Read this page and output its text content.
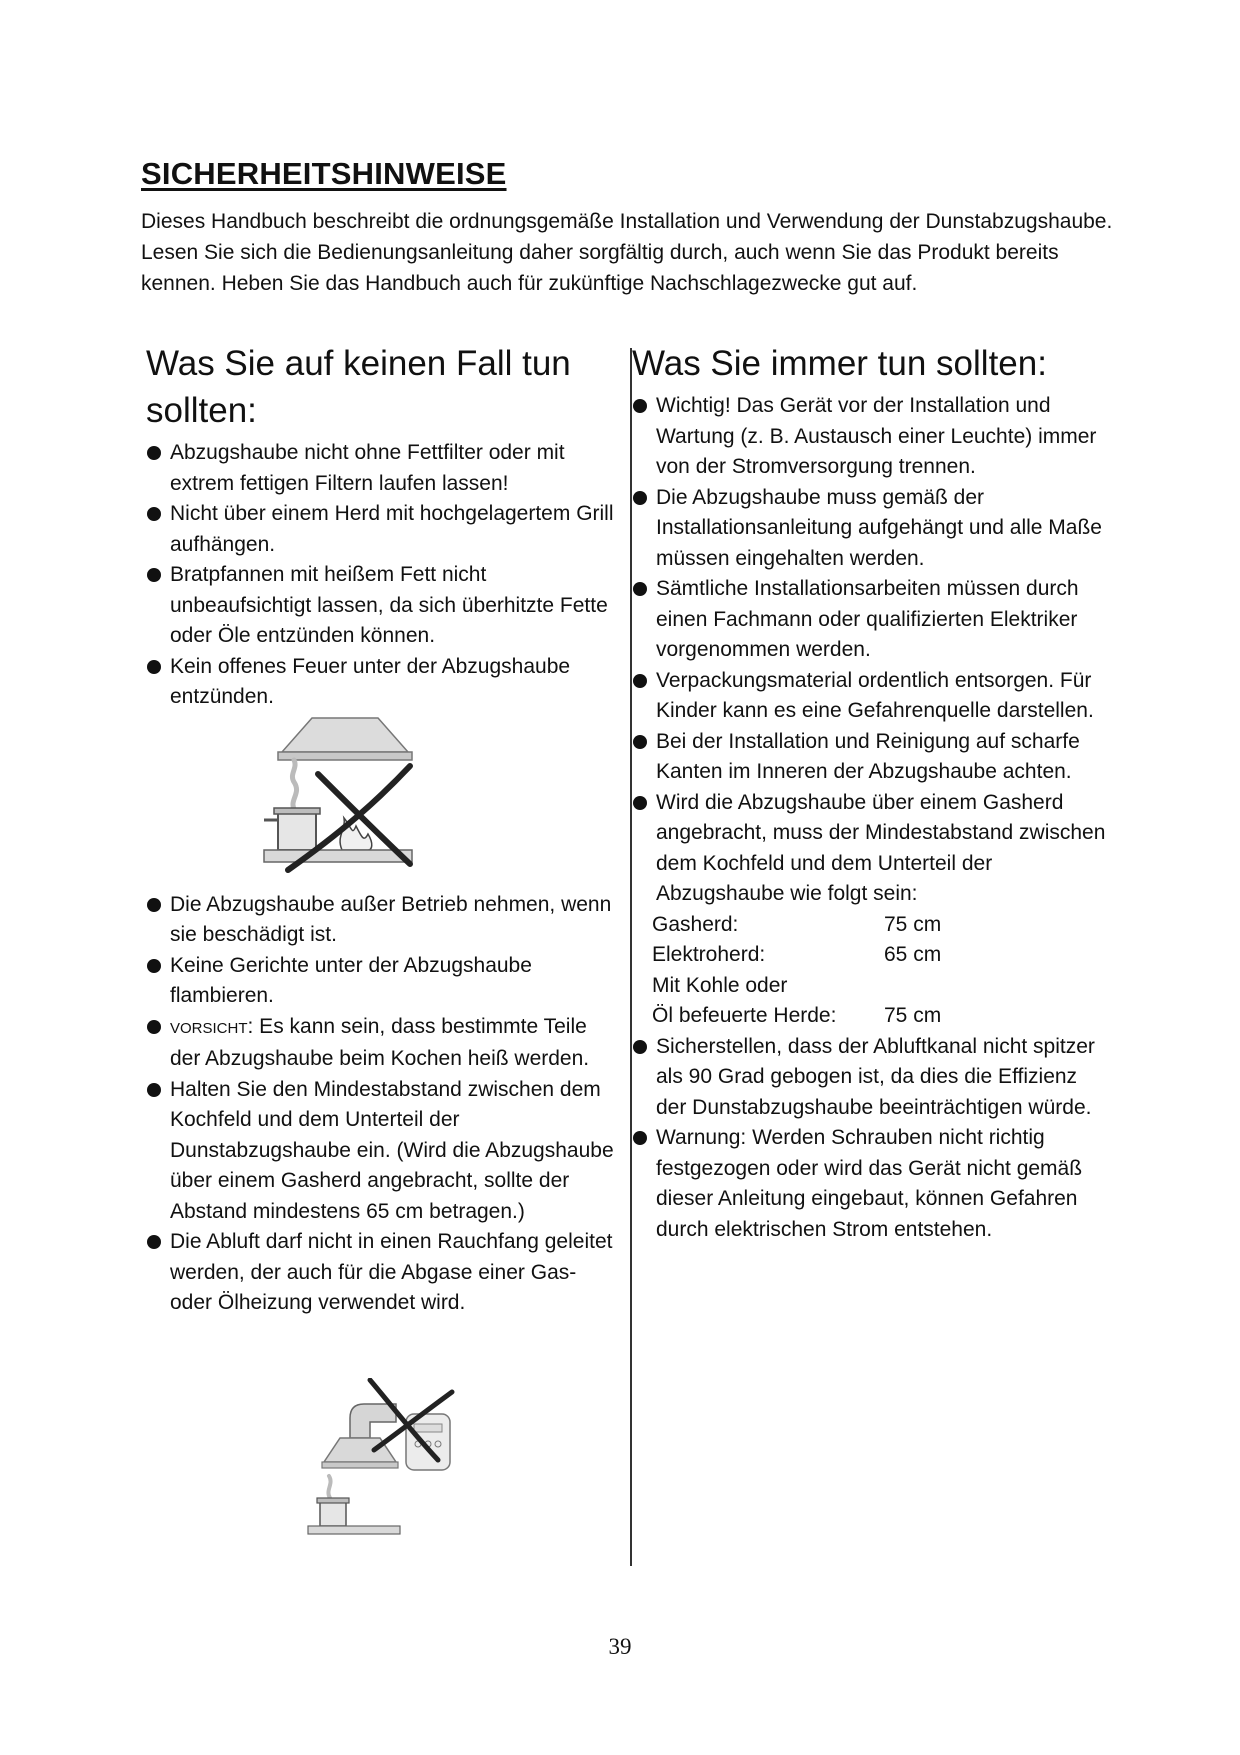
SICHERHEITSHINWEISE

Dieses Handbuch beschreibt die ordnungsgemäße Installation und Verwendung der Dunstabzugshaube. Lesen Sie sich die Bedienungsanleitung daher sorgfältig durch, auch wenn Sie das Produkt bereits kennen. Heben Sie das Handbuch auch für zukünftige Nachschlagezwecke gut auf.

Was Sie auf keinen Fall tun sollten:
Abzugshaube nicht ohne Fettfilter oder mit extrem fettigen Filtern laufen lassen!
Nicht über einem Herd mit hochgelagertem Grill aufhängen.
Bratpfannen mit heißem Fett nicht unbeaufsichtigt lassen, da sich überhitzte Fette oder Öle entzünden können.
Kein offenes Feuer unter der Abzugshaube entzünden.
Die Abzugshaube außer Betrieb nehmen, wenn sie beschädigt ist.
Keine Gerichte unter der Abzugshaube flambieren.
VORSICHT: Es kann sein, dass bestimmte Teile der Abzugshaube beim Kochen heiß werden.
Halten Sie den Mindestabstand zwischen dem Kochfeld und dem Unterteil der Dunstabzugshaube ein. (Wird die Abzugshaube über einem Gasherd angebracht, sollte der Abstand mindestens 65 cm betragen.)
Die Abluft darf nicht in einen Rauchfang geleitet werden, der auch für die Abgase einer Gas- oder Ölheizung verwendet wird.
Was Sie immer tun sollten:
Wichtig! Das Gerät vor der Installation und Wartung (z. B. Austausch einer Leuchte) immer von der Stromversorgung trennen.
Die Abzugshaube muss gemäß der Installationsanleitung aufgehängt und alle Maße müssen eingehalten werden.
Sämtliche Installationsarbeiten müssen durch einen Fachmann oder qualifizierten Elektriker vorgenommen werden.
Verpackungsmaterial ordentlich entsorgen. Für Kinder kann es eine Gefahrenquelle darstellen.
Bei der Installation und Reinigung auf scharfe Kanten im Inneren der Abzugshaube achten.
Wird die Abzugshaube über einem Gasherd angebracht, muss der Mindestabstand zwischen dem Kochfeld und dem Unterteil der Abzugshaube wie folgt sein:
Gasherd:	75 cm
Elektroherd:	65 cm
Mit Kohle oder
Öl befeuerte Herde:	75 cm
Sicherstellen, dass der Abluftkanal nicht spitzer als 90 Grad gebogen ist, da dies die Effizienz der Dunstabzugshaube beeinträchtigen würde.
Warnung: Werden Schrauben nicht richtig festgezogen oder wird das Gerät nicht gemäß dieser Anleitung eingebaut, können Gefahren durch elektrischen Strom entstehen.
39
